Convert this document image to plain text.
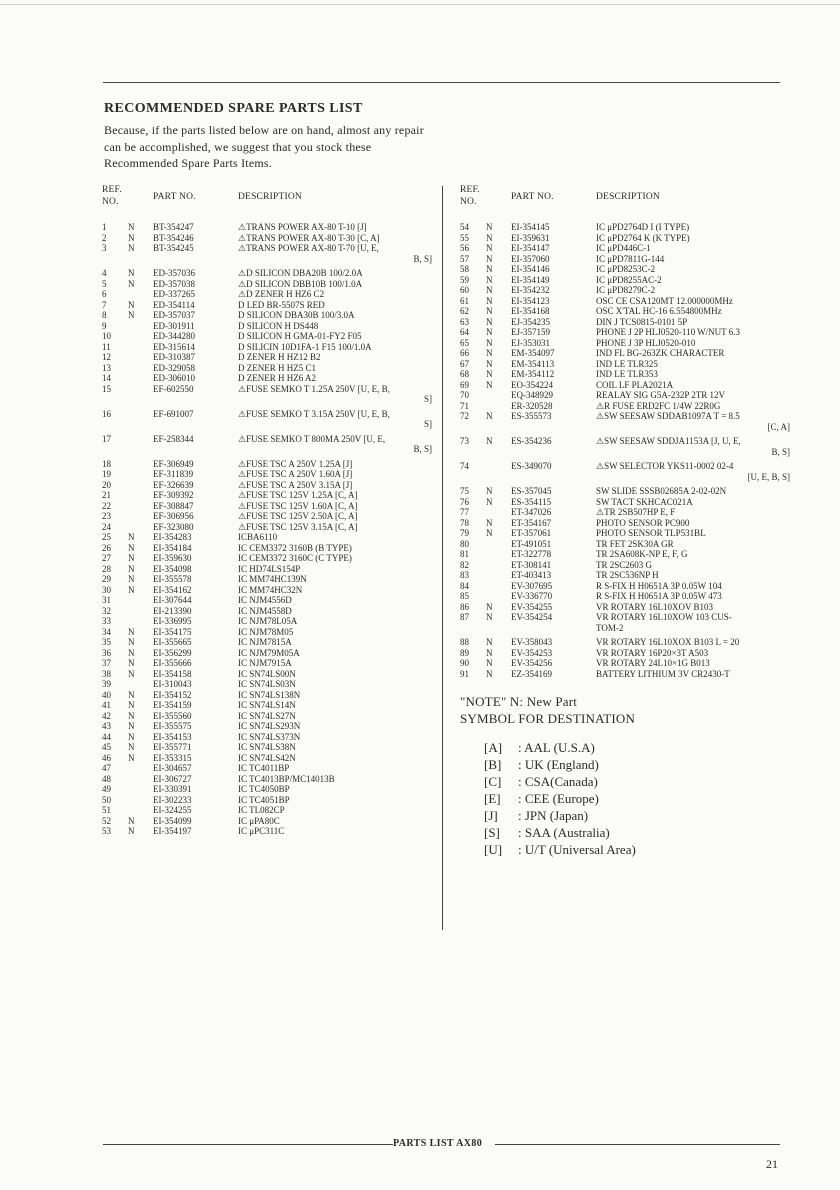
RECOMMENDED SPARE PARTS LIST
Because, if the parts listed below are on hand, almost any repair can be accomplished, we suggest that you stock these Recommended Spare Parts Items.
REF.
NO.	PART NO.	DESCRIPTION
1 N BT-354247	⚠TRANS POWER AX-80 T-10 [J]
2 N BT-354246	⚠TRANS POWER AX-80 T-30 [C, A]
3 N BT-354245	⚠TRANS POWER AX-80 T-70 [U, E,
B, S]
4 N ED-357036	⚠D SILICON DBA20B 100/2.0A
5 N ED-357038	⚠D SILICON DBB10B 100/1.0A
6	ED-337265	⚠D ZENER H HZ6 C2
7 N ED-354114	D LED BR-5507S RED
8 N ED-357037	D SILICON DBA30B 100/3.0A
9	ED-301911	D SILICON H DS448
10	ED-344280	D SILICON H GMA-01-FY2 F05
11	ED-315614	D SILICIN 10D1FA-1 F15 100/1.0A
12	ED-310387	D ZENER H HZ12 B2
13	ED-329058	D ZENER H HZ5 C1
14	ED-306010	D ZENER H HZ6 A2
15	EF-602550	⚠FUSE SEMKO T 1.25A 250V [U, E, B,
S]
16	EF-691007	⚠FUSE SEMKO T 3.15A 250V [U, E, B,
S]
17	EF-258344	⚠FUSE SEMKO T 800MA 250V [U, E,
B, S]
18	EF-306949	⚠FUSE TSC A 250V 1.25A [J]
19	EF-311839	⚠FUSE TSC A 250V 1.60A [J]
20	EF-326639	⚠FUSE TSC A 250V 3.15A [J]
21	EF-309392	⚠FUSE TSC 125V 1.25A [C, A]
22	EF-308847	⚠FUSE TSC 125V 1.60A [C, A]
23	EF-306956	⚠FUSE TSC 125V 2.50A [C, A]
24	EF-323080	⚠FUSE TSC 125V 3.15A [C, A]
25 N EI-354283	ICBA6110
26 N EI-354184	IC CEM3372 3160B (B TYPE)
27 N EI-359630	IC CEM3372 3160C (C TYPE)
28 N EI-354098	IC HD74LS154P
29 N EI-355578	IC MM74HC139N
30 N EI-354162	IC MM74HC32N
31	EI-307644	IC NJM4556D
32	EI-213390	IC NJM4558D
33	EI-336995	IC NJM78L05A
34 N EI-354175	IC NJM78M05
35 N EI-355665	IC NJM7815A
36 N EI-356299	IC NJM79M05A
37 N EI-355666	IC NJM7915A
38 N EI-354158	IC SN74LS00N
39	EI-310043	IC SN74LS03N
40 N EI-354152	IC SN74LS138N
41 N EI-354159	IC SN74LS14N
42 N EI-355560	IC SN74LS27N
43 N EI-355575	IC SN74LS293N
44 N EI-354153	IC SN74LS373N
45 N EI-355771	IC SN74LS38N
46 N EI-353315	IC SN74LS42N
47	EI-304657	IC TC4011BP
48	EI-306727	IC TC4013BP/MC14013B
49	EI-330391	IC TC4050BP
50	EI-302233	IC TC4051BP
51	EI-324255	IC TL082CP
52 N EI-354099	IC μPA80C
53 N EI-354197	IC μPC311C
REF.
NO.	PART NO.	DESCRIPTION
54 N EI-354145	IC μPD2764D I (I TYPE)
55 N EI-359631	IC μPD2764 K (K TYPE)
56 N EI-354147	IC μPD446C-1
57 N EI-357060	IC μPD7811G-144
58 N EI-354146	IC μPD8253C-2
59 N EI-354149	IC μPD8255AC-2
60 N EI-354232	IC μPD8279C-2
61 N EI-354123	OSC CE CSA120MT 12.000000MHz
62 N EI-354168	OSC X'TAL HC-16 6.554800MHz
63 N EJ-354235	DIN J TCS0815-0101 5P
64 N EJ-357159	PHONE J 2P HLJ0520-110 W/NUT 6.3
65 N EJ-353031	PHONE J 3P HLJ0520-010
66 N EM-354097	IND FL BG-263ZK CHARACTER
67 N EM-354113	IND LE TLR325
68 N EM-354112	IND LE TLR353
69 N EO-354224	COIL LF PLA2021A
70	EQ-348929	REALAY SIG G5A-232P 2TR 12V
71	ER-320528	⚠R FUSE ERD2FC 1/4W 22R0G
72 N ES-355573	⚠SW SEESAW SDDAB1097A T = 8.5
[C, A]
73 N ES-354236	⚠SW SEESAW SDDJA1153A [J, U, E,
B, S]
74	ES-349070	⚠SW SELECTOR YKS11-0002 02-4
[U, E, B, S]
75 N ES-357045	SW SLIDE SSSB02685A 2-02-02N
76 N ES-354115	SW TACT SKHCAC021A
77	ET-347026	⚠TR 2SB507HP E, F
78 N ET-354167	PHOTO SENSOR PC900
79 N ET-357061	PHOTO SENSOR TLP531BL
80	ET-491051	TR FET 2SK30A GR
81	ET-322778	TR 2SA608K-NP E, F, G
82	ET-308141	TR 2SC2603 G
83	ET-403413	TR 2SC536NP H
84	EV-307695	R S-FIX H H0651A 3P 0.05W 104
85	EV-336770	R S-FIX H H0651A 3P 0.05W 473
86 N EV-354255	VR ROTARY 16L10XOV B103
87 N EV-354254	VR ROTARY 16L10XOW 103 CUS-
TOM-2
88 N EV-358043	VR ROTARY 16L10XOX B103 L = 20
89 N EV-354253	VR ROTARY 16P20×3T A503
90 N EV-354256	VR ROTARY 24L10×1G B013
91 N EZ-354169	BATTERY LITHIUM 3V CR2430-T
"NOTE" N: New Part
SYMBOL FOR DESTINATION
[A] : AAL (U.S.A)
[B] : UK (England)
[C] : CSA(Canada)
[E] : CEE (Europe)
[J] : JPN (Japan)
[S] : SAA (Australia)
[U] : U/T (Universal Area)
PARTS LIST AX80
21
